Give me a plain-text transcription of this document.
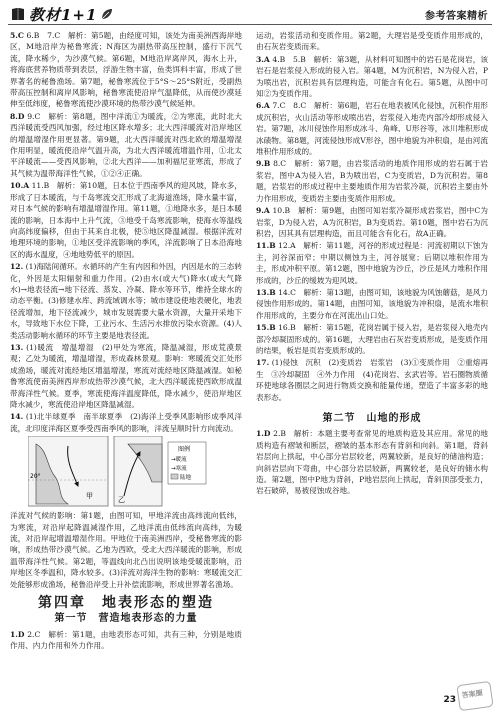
教材1+1	参考答案精析

5.C 6.B　7.C　解析：第5题，由经度可知，该处为南美洲西海岸地区，M地沿岸为秘鲁寒流；N海区为副热带高压控制，盛行下沉气流，降水稀少，为沙漠气候。第6题，M地沿岸离岸风，海水上升，将海底营养物质带到表层，浮游生物丰富，鱼类饵料丰富，形成了世界著名的秘鲁渔场。第7题，秘鲁寒流位于5°S～25°S附近，受副热带高压控制和离岸风影响，秘鲁寒流使沿岸气温降低，从而使沙漠延伸至低纬度，秘鲁寒流使沙漠环境的热带沙漠气候延伸。

8.D 9.C　解析：第8题，图中洋流①为暖流，②为寒流，此时北大西洋暖流受西风加强，经过地区降水增多；北大西洋暖流对沿岸地区的增温增湿作用更显著。第9题，北大西洋暖流对西北欧的增温增湿作用明显，暖流使沿岸气温升高，为北大西洋暖流增温作用，①北太平洋暖流——受西风影响，②北大西洋——加利福尼亚寒流，形成了其气候为温带海洋性气候，①②④正确。

10.A 11.B　解析：第10题，日本位于西南季风的迎风坡，降水多，形成了日本暖流，与千岛寒流交汇形成了北海道渔场，降水量丰富，对日本气候的影响有增温增湿作用。第11题，①地降水多，是日本暖流的影响，日本海中上升气流，③地受千岛寒流影响，使海水等温线向高纬度偏移，但由于其来自北极，使⑤地区降温减湿。根据洋流对地理环境的影响，①地区受洋流影响的季风，洋流影响了日本沿海地区的海水温度，④地地势低平的原因。

12. (1)海陆间循环。水循环的产生有内因和外因，内因是水的三态转化，外因是太阳辐射和重力作用。(2)由水(或大气)降水(或大气降水)→地表径流→地下径流、蒸发、冷凝、降水等环节，维持全球水的动态平衡。(3)修建水库、跨流域调水等；城市建设使地表硬化，地表径流增加，地下径流减少，城市发展需要大量水资源，大量开采地下水，导致地下水位下降，工业污水、生活污水排放污染水资源。(4)人类活动影响水循环的环节主要是地表径流。

13. (1)暖流　增温增湿　(2)甲处为寒流，降温减湿，形成荒漠景观；乙处为暖流，增温增湿，形成森林景观。影响：寒暖流交汇处形成渔场，暖流对流经地区增温增湿，寒流对流经地区降温减湿。如秘鲁寒流使南美洲西岸形成热带沙漠气候，北大西洋暖流使西欧形成温带海洋性气候。夏季，寒流使海洋温度降低，降水减少，使沿岸地区降水减少，寒流使沿岸地区降温减湿。

14. (1)北半球夏季　南半球夏季　(2)海洋上受季风影响形成季风洋流，北印度洋海区夏季受西南季风的影响，洋流呈顺时针方向流动。

甲
20°
乙
图例
→暖流
→寒流
陆地

洋流对气候的影响：第1题，由图可知，甲地洋流由高纬流向低纬，为寒流，对沿岸起降温减湿作用，乙地洋流由低纬流向高纬，为暖流，对沿岸起增温增湿作用。甲地位于南美洲西岸，受秘鲁寒流的影响，形成热带沙漠气候。乙地为西欧，受北大西洋暖流的影响，形成温带海洋性气候。第2题，等温线向北凸出说明该地受暖流影响，沿岸地区冬季温和，降水较多。(3)洋流对海洋生物的影响：寒暖流交汇处能够形成渔场，秘鲁沿岸受上升补偿流影响，形成世界著名渔场。

第四章　地表形态的塑造
第一节　营造地表形态的力量

1.D 2.C　解析：第1题，由地表形态可知，共有三种，分别是地质作用、内力作用和外力作用。

运动，岩浆活动和变质作用。第2题，大理岩是受变质作用形成的，由石灰岩变质而来。

3.A 4.B　5.B　解析：第3题，从材料可知图中的岩石是花岗岩，该岩石是岩浆侵入形成的侵入岩。第4题，M为沉积岩，N为侵入岩，P为喷出岩，沉积岩具有层理构造，可能含有化石。第5题，从图中可知②为变质作用。

6.A 7.C　8.C　解析：第6题，岩石在地表被风化侵蚀，沉积作用形成沉积岩，火山活动等形成喷出岩，岩浆侵入地壳内部冷却形成侵入岩。第7题，冰川侵蚀作用形成冰斗、角峰、U形谷等，冰川堆积形成冰碛物。第8题，河流侵蚀形成V形谷，图中地貌为冲积扇，是由河流堆积作用形成的。

9.B 8.C　解析：第7题，由岩浆活动的地质作用形成的岩石属于岩浆岩，图中A为侵入岩，B为喷出岩，C为变质岩，D为沉积岩。第8题，岩浆岩的形成过程中主要地质作用为岩浆冷凝，沉积岩主要由外力作用形成，变质岩主要由变质作用形成。

9.A 10.B　解析：第9题，由图可知岩浆冷凝形成岩浆岩，图中C为岩浆，D为侵入岩，A为沉积岩，B为变质岩。第10题，图中岩石为沉积岩，因其具有层理构造，而且可能含有化石，故A正确。

11.B 12.A　解析：第11题，河谷的形成过程是：河流初期以下蚀为主，河谷深而窄；中期以侧蚀为主，河谷展宽；后期以堆积作用为主，形成冲积平原。第12题，图中地貌为沙丘，沙丘是风力堆积作用形成的，沙丘的缓坡为迎风坡。

13.B 14.C　解析：第13题，由图可知，该地貌为风蚀蘑菇，是风力侵蚀作用形成的。第14题，由图可知，该地貌为冲积扇，是流水堆积作用形成的，主要分布在河流出山口处。

15.B 16.B　解析：第15题，花岗岩属于侵入岩，是岩浆侵入地壳内部冷却凝固形成的。第16题，大理岩由石灰岩变质形成，是变质作用的结果，板岩是页岩变质形成的。

17. (1)侵蚀　沉积　(2)变质岩　岩浆岩　(3)①变质作用　②重熔再生　③冷却凝固　④外力作用　(4)花岗岩、玄武岩等。岩石圈物质循环使地球各圈层之间进行物质交换和能量传递，塑造了丰富多彩的地表形态。

第二节　山地的形成

1.D 2.B　解析：本题主要考查常见的地质构造及其应用。常见的地质构造有褶皱和断层，褶皱的基本形态有背斜和向斜。第1题，背斜岩层向上拱起，中心部分岩层较老，两翼较新，是良好的储油构造；向斜岩层向下弯曲，中心部分岩层较新，两翼较老，是良好的储水构造。第2题，图中P地为背斜，P地岩层向上拱起，背斜顶部受张力，岩石破碎，易被侵蚀成谷地。

23
答案圈
